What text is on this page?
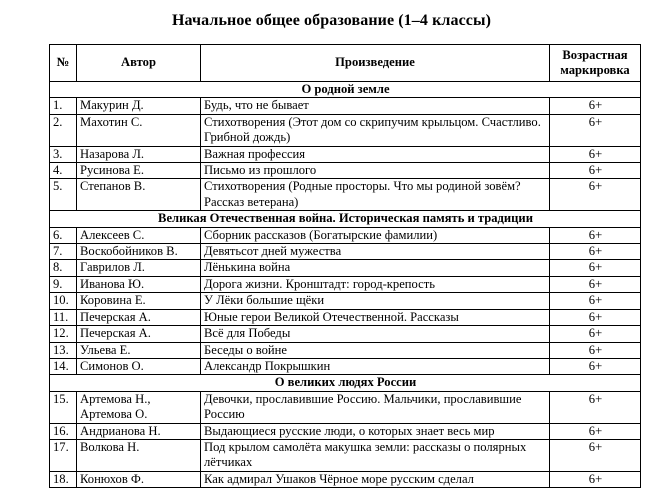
Начальное общее образование (1–4 классы)
№	Автор	Произведение	Возрастная маркировка
О родной земле			
1.	Макурин Д.	Будь, что не бывает	6+
2.	Махотин С.	Стихотворения (Этот дом со скрипучим крыльцом. Счастливо. Грибной дождь)	6+
3.	Назарова Л.	Важная профессия	6+
4.	Русинова Е.	Письмо из прошлого	6+
5.	Степанов В.	Стихотворения (Родные просторы. Что мы родиной зовём? Рассказ ветерана)	6+
Великая Отечественная война. Историческая память и традиции			
6.	Алексеев С.	Сборник рассказов (Богатырские фамилии)	6+
7.	Воскобойников В.	Девятьсот дней мужества	6+
8.	Гаврилов Л.	Лёнькина война	6+
9.	Иванова Ю.	Дорога жизни. Кронштадт: город-крепость	6+
10.	Коровина Е.	У Лёки большие щёки	6+
11.	Печерская А.	Юные герои Великой Отечественной. Рассказы	6+
12.	Печерская А.	Всё для Победы	6+
13.	Ульева Е.	Беседы о войне	6+
14.	Симонов О.	Александр Покрышкин	6+
О великих людях России			
15.	Артемова Н., Артемова О.	Девочки, прославившие Россию. Мальчики, прославившие Россию	6+
16.	Андрианова Н.	Выдающиеся русские люди, о которых знает весь мир	6+
17.	Волкова Н.	Под крылом самолёта макушка земли: рассказы о полярных лётчиках	6+
18.	Конюхов Ф.	Как адмирал Ушаков Чёрное море русским сделал	6+
